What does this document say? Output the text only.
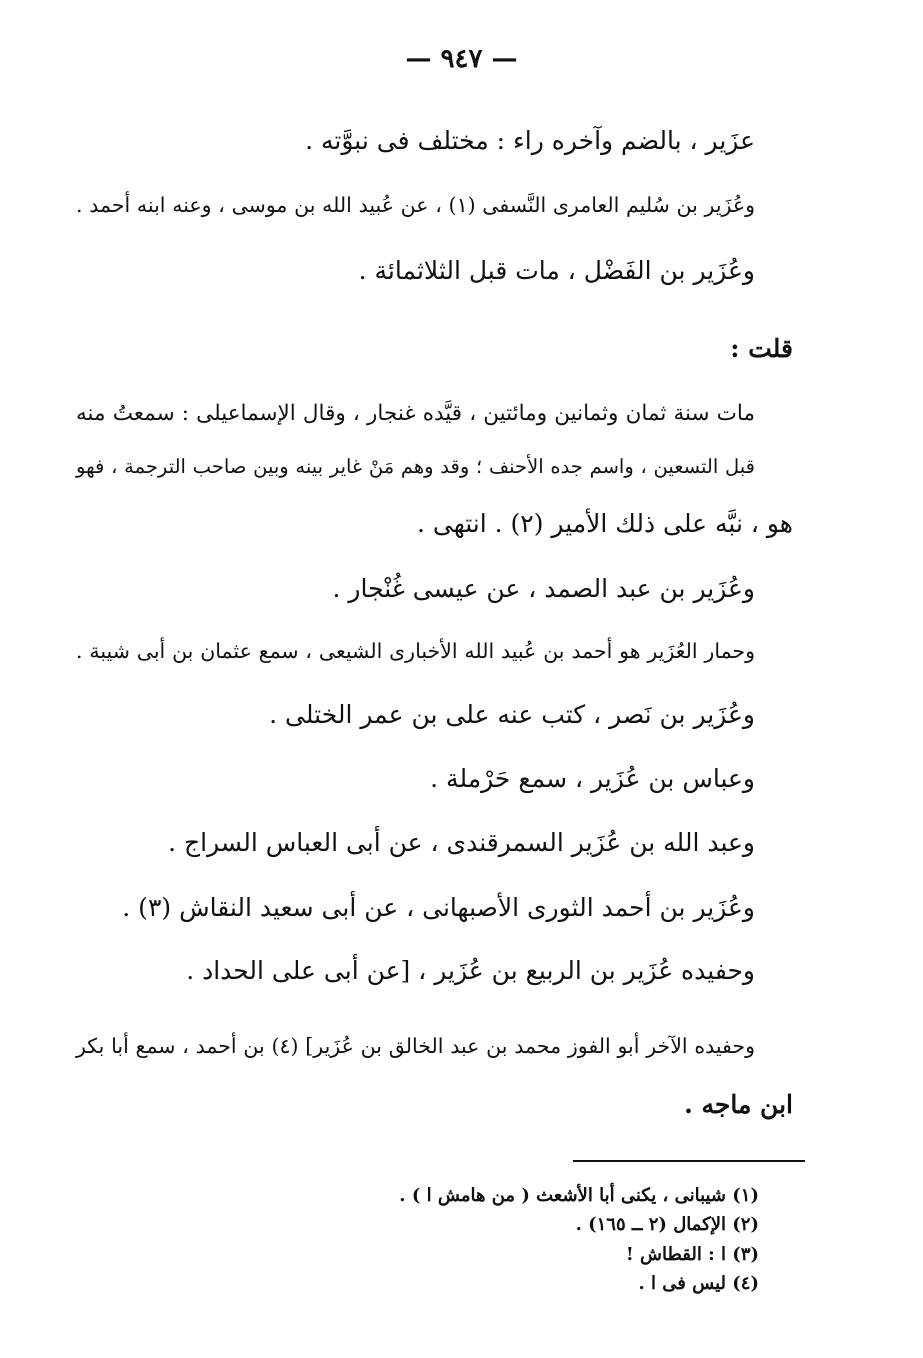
— ٩٤٧ —
عزَير ، بالضم وآخره راء : مختلف فى نبوَّته .
وعُزَير بن سُليم العامرى النَّسفى (١) ، عن عُبيد الله بن موسى ، وعنه ابنه أحمد .
وعُزَير بن الفَضْل ، مات قبل الثلاثمائة .
قلت :
مات سنة ثمان وثمانين ومائتين ، قيَّده غنجار ، وقال الإسماعيلى : سمعتُ منه
قبل التسعين ، واسم جده الأحنف ؛ وقد وهم مَنْ غاير بينه وبين صاحب الترجمة ، فهو
هو ، نبَّه على ذلك الأمير (٢) . انتهى .
وعُزَير بن عبد الصمد ، عن عيسى غُنْجار .
وحمار العُزَير هو أحمد بن عُبيد الله الأخبارى الشيعى ، سمع عثمان بن أبى شيبة .
وعُزَير بن نَصر ، كتب عنه على بن عمر الختلى .
وعباس بن عُزَير ، سمع حَرْملة .
وعبد الله بن عُزَير السمرقندى ، عن أبى العباس السراج .
وعُزَير بن أحمد الثورى الأصبهانى ، عن أبى سعيد النقاش (٣) .
وحفيده عُزَير بن الربيع بن عُزَير ، [عن أبى على الحداد .
وحفيده الآخر أبو الفوز محمد بن عبد الخالق بن عُزَير] (٤) بن أحمد ، سمع أبا بكر
ابن ماجه .
(١) شيبانى ، يكنى أبا الأشعث ( من هامش ا ) .
(٢) الإكمال (٢ ــ ١٦٥) .
(٣) ا : القطاش !
(٤) ليس فى ا .
